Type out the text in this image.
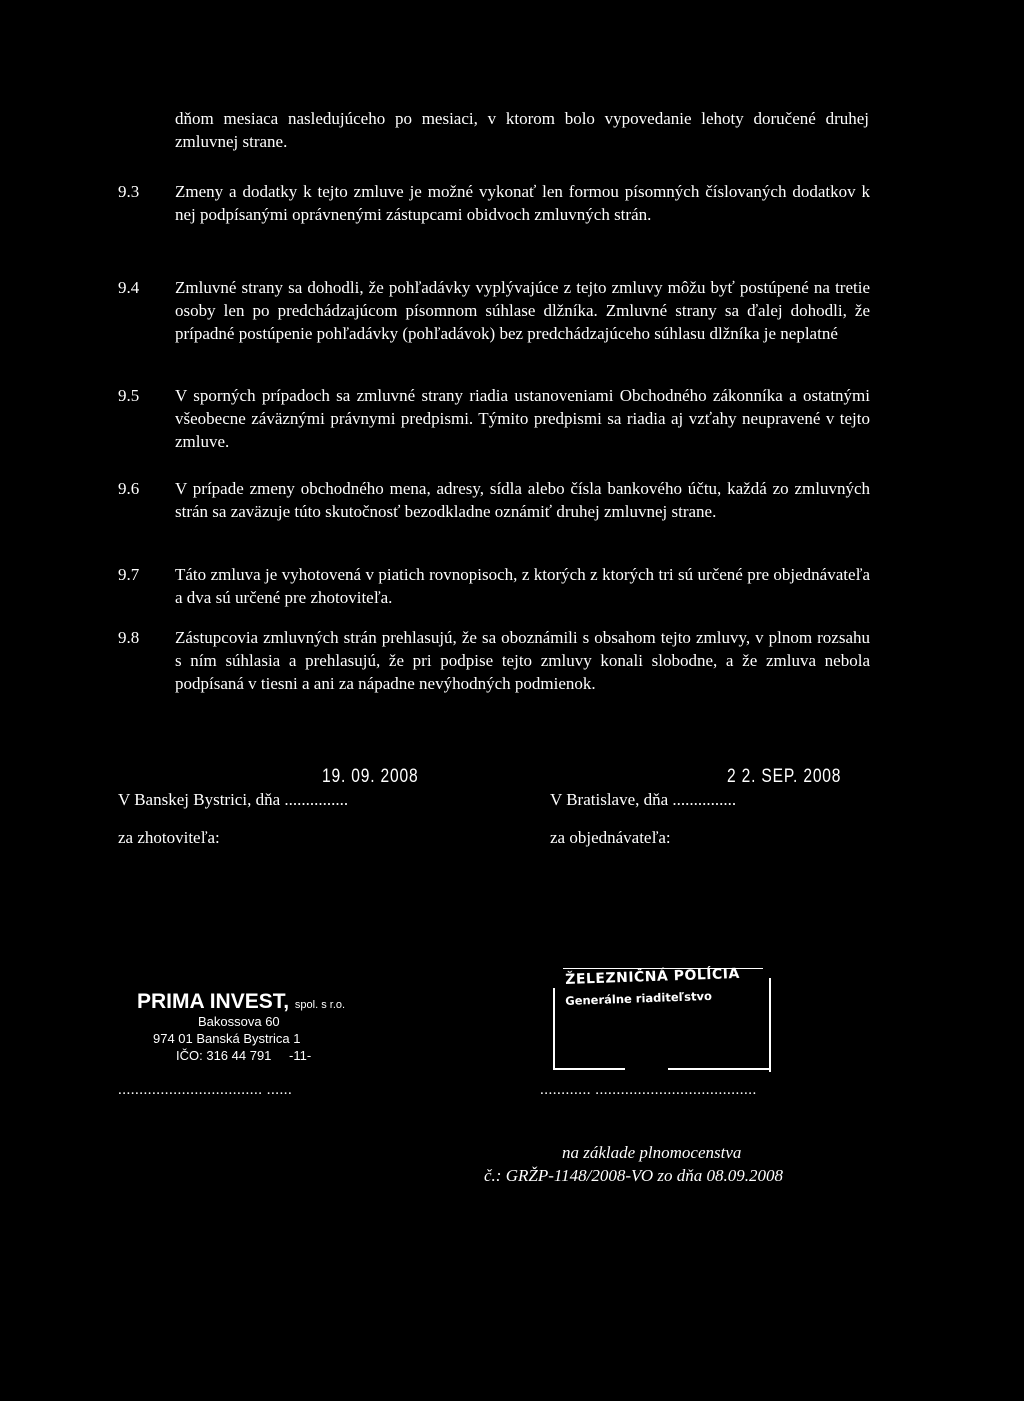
dňom mesiaca nasledujúceho po mesiaci, v ktorom bolo vypovedanie lehoty doručené druhej zmluvnej strane.
9.3 Zmeny a dodatky k tejto zmluve je možné vykonať len formou písomných číslovaných dodatkov k nej podpísanými oprávnenými zástupcami obidvoch zmluvných strán.
9.4 Zmluvné strany sa dohodli, že pohľadávky vyplývajúce z tejto zmluvy môžu byť postúpené na tretie osoby len po predchádzajúcom písomnom súhlase dlžníka. Zmluvné strany sa ďalej dohodli, že prípadné postúpenie pohľadávky (pohľadávok) bez predchádzajúceho súhlasu dlžníka je neplatné
9.5 V sporných prípadoch sa zmluvné strany riadia ustanoveniami Obchodného zákonníka a ostatnými všeobecne záväznými právnymi predpismi. Týmito predpismi sa riadia aj vzťahy neupravené v tejto zmluve.
9.6 V prípade zmeny obchodného mena, adresy, sídla alebo čísla bankového účtu, každá zo zmluvných strán sa zaväzuje túto skutočnosť bezodkladne oznámiť druhej zmluvnej strane.
9.7 Táto zmluva je vyhotovená v piatich rovnopisoch, z ktorých z ktorých tri sú určené pre objednávateľa a dva sú určené pre zhotoviteľa.
9.8 Zástupcovia zmluvných strán prehlasujú, že sa oboznámili s obsahom tejto zmluvy, v plnom rozsahu s ním súhlasia a prehlasujú, že pri podpise tejto zmluvy konali slobodne, a že zmluva nebola podpísaná v tiesni a ani za nápadne nevýhodných podmienok.
19. 09. 2008	2 2. SEP. 2008
V Banskej Bystrici, dňa ...............	V Bratislave, dňa ...............
za zhotoviteľa:	za objednávateľa:
PRIMA INVEST, spol. s r.o.
Bakossova 60
974 01 Banská Bystrica 1
IČO: 316 44 791 -11-
ŽELEZNIČNÁ POLÍCIA
Generálne riaditeľstvo
.................................. ......	............ ......................................
na základe plnomocenstva
č.: GRŽP-1148/2008-VO zo dňa 08.09.2008
